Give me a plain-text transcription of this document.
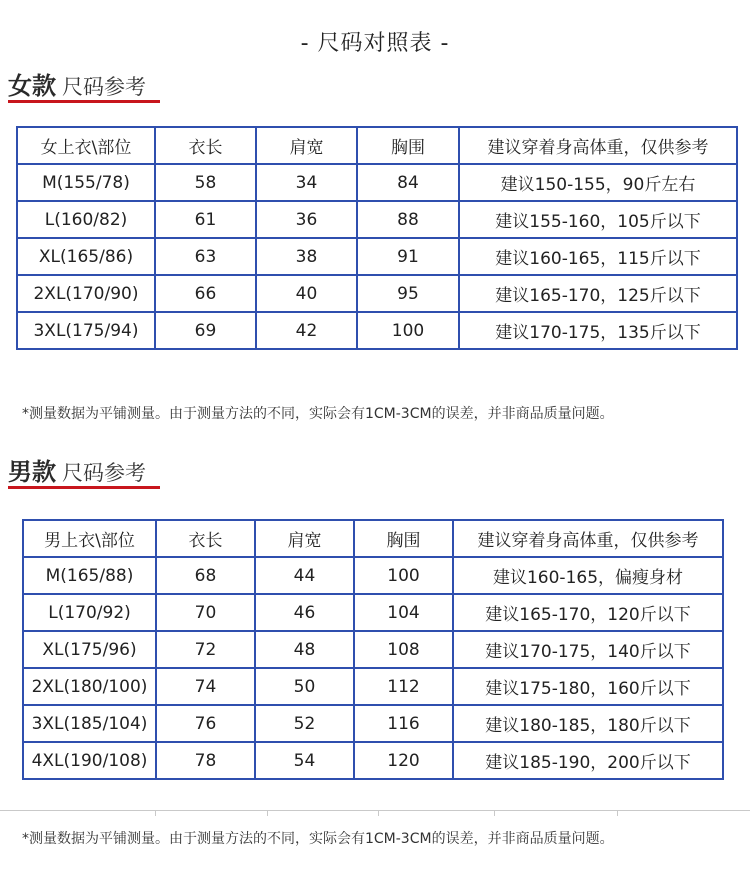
- 尺码对照表 -
女款 尺码参考
女上衣\部位	衣长	肩宽	胸围	建议穿着身高体重，仅供参考
M(155/78)	58	34	84	建议150-155，90斤左右
L(160/82)	61	36	88	建议155-160，105斤以下
XL(165/86)	63	38	91	建议160-165，115斤以下
2XL(170/90)	66	40	95	建议165-170，125斤以下
3XL(175/94)	69	42	100	建议170-175，135斤以下
*测量数据为平铺测量。由于测量方法的不同，实际会有1CM-3CM的误差，并非商品质量问题。
男款 尺码参考
男上衣\部位	衣长	肩宽	胸围	建议穿着身高体重，仅供参考
M(165/88)	68	44	100	建议160-165，偏瘦身材
L(170/92)	70	46	104	建议165-170，120斤以下
XL(175/96)	72	48	108	建议170-175，140斤以下
2XL(180/100)	74	50	112	建议175-180，160斤以下
3XL(185/104)	76	52	116	建议180-185，180斤以下
4XL(190/108)	78	54	120	建议185-190，200斤以下
*测量数据为平铺测量。由于测量方法的不同，实际会有1CM-3CM的误差，并非商品质量问题。
